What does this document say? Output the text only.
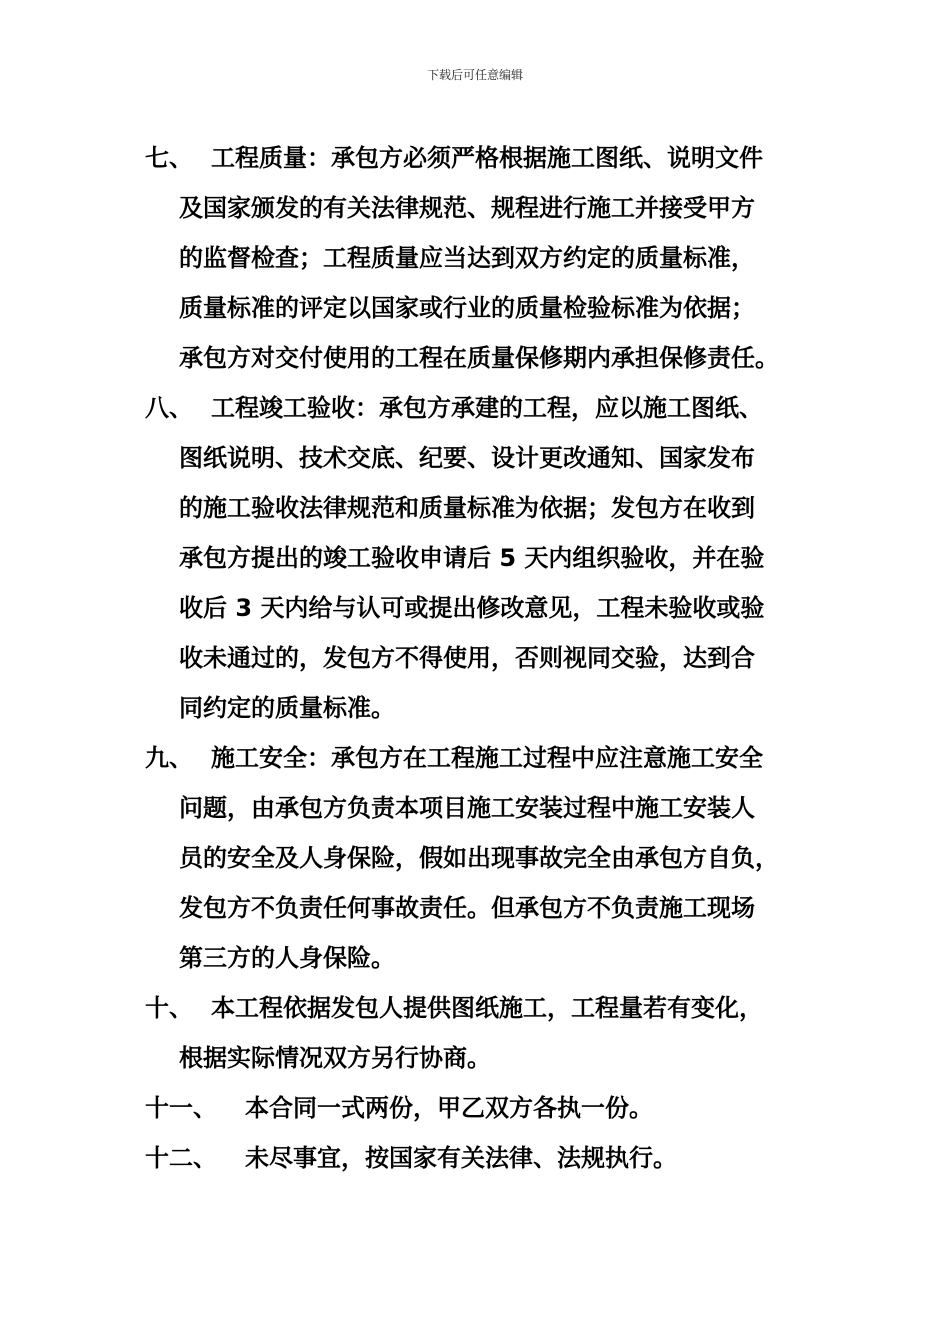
下载后可任意编辑
七、 工程质量：承包方必须严格根据施工图纸、说明文件
及国家颁发的有关法律规范、规程进行施工并接受甲方
的监督检查；工程质量应当达到双方约定的质量标准，
质量标准的评定以国家或行业的质量检验标准为依据；
承包方对交付使用的工程在质量保修期内承担保修责任。
八、 工程竣工验收：承包方承建的工程，应以施工图纸、
图纸说明、技术交底、纪要、设计更改通知、国家发布
的施工验收法律规范和质量标准为依据；发包方在收到
承包方提出的竣工验收申请后 5 天内组织验收，并在验
收后 3 天内给与认可或提出修改意见，工程未验收或验
收未通过的，发包方不得使用，否则视同交验，达到合
同约定的质量标准。
九、 施工安全：承包方在工程施工过程中应注意施工安全
问题，由承包方负责本项目施工安装过程中施工安装人
员的安全及人身保险，假如出现事故完全由承包方自负，
发包方不负责任何事故责任。但承包方不负责施工现场
第三方的人身保险。
十、 本工程依据发包人提供图纸施工，工程量若有变化，
根据实际情况双方另行协商。
十一、	本合同一式两份，甲乙双方各执一份。
十二、	未尽事宜，按国家有关法律、法规执行。
